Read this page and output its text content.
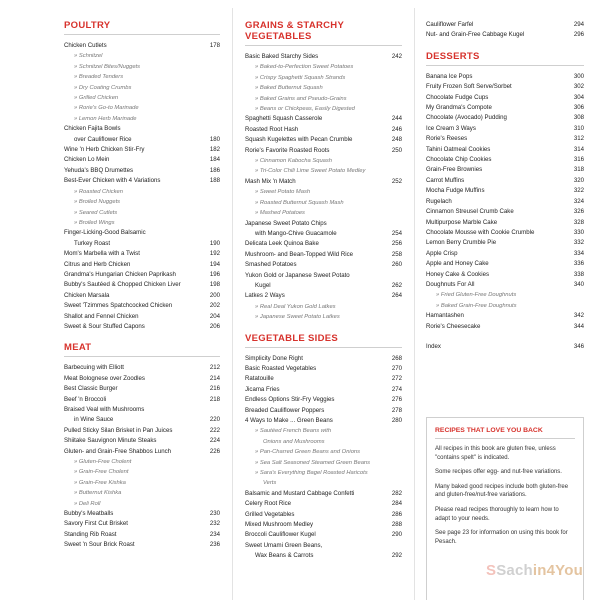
POULTRY
Chicken Cutlets	178
» Schnitzel
» Schnitzel Bites/Nuggets
» Breaded Tenders
» Dry Coating Crumbs
» Grilled Chicken
» Rorie's Go-to Marinade
» Lemon Herb Marinade
Chicken Fajita Bowls
over Cauliflower Rice	180
Wine 'n Herb Chicken Stir-Fry	182
Chicken Lo Mein	184
Yehuda's BBQ Drumettes	186
Best-Ever Chicken with 4 Variations	188
» Roasted Chicken
» Broiled Nuggets
» Seared Cutlets
» Broiled Wings
Finger-Licking-Good Balsamic
Turkey Roast	190
Mom's Marbella with a Twist	192
Citrus and Herb Chicken	194
Grandma's Hungarian Chicken Paprikash	196
Bubby's Sautéed & Chopped Chicken Liver	198
Chicken Marsala	200
Sweet 'Tzimmes Spatchcocked Chicken	202
Shallot and Fennel Chicken	204
Sweet & Sour Stuffed Capons	206
MEAT
Barbecuing with Elliott	212
Meat Bolognese over Zoodles	214
Best Classic Burger	216
Beef 'n Broccoli	218
Braised Veal with Mushrooms
in Wine Sauce	220
Pulled Sticky Silan Brisket in Pan Juices	222
Shiitake Sauvignon Minute Steaks	224
Gluten- and Grain-Free Shabbos Lunch	226
» Gluten-Free Cholent
» Grain-Free Cholent
» Grain-Free Kishka
» Butternut Kishka
» Deli Roll
Bubby's Meatballs	230
Savory First Cut Brisket	232
Standing Rib Roast	234
Sweet 'n Sour Brick Roast	236
GRAINS & STARCHY
VEGETABLES
Basic Baked Starchy Sides	242
» Baked-to-Perfection Sweet Potatoes
» Crispy Spaghetti Squash Strands
» Baked Butternut Squash
» Baked Grains and Pseudo-Grains
» Beans or Chickpeas, Easily Digested
Spaghetti Squash Casserole	244
Roasted Root Hash	246
Squash Kugelettes with Pecan Crumble	248
Rorie's Favorite Roasted Roots	250
» Cinnamon Kabocha Squash
» Tri-Color Chili Lime Sweet Potato Medley
Mash Mix 'n Match	252
» Sweet Potato Mash
» Roasted Butternut Squash Mash
» Mashed Potatoes
Japanese Sweet Potato Chips
with Mango-Chive Guacamole	254
Delicata Leek Quinoa Bake	256
Mushroom- and Bean-Topped Wild Rice	258
Smashed Potatoes	260
Yukon Gold or Japanese Sweet Potato
Kugel	262
Latkes 2 Ways	264
» Real Deal Yukon Gold Latkes
» Japanese Sweet Potato Latkes
VEGETABLE SIDES
Simplicity Done Right	268
Basic Roasted Vegetables	270
Ratatouille	272
Jicama Fries	274
Endless Options Stir-Fry Veggies	276
Breaded Cauliflower Poppers	278
4 Ways to Make ... Green Beans	280
» Sautéed French Beans with
Onions and Mushrooms
» Pan-Charred Green Beans and Onions
» Sea Salt Seasoned Steamed Green Beans
» Sara's Everything Bagel Roasted Haricots
Verts
Balsamic and Mustard Cabbage Confetti	282
Celery Root Rice	284
Grilled Vegetables	286
Mixed Mushroom Medley	288
Broccoli Cauliflower Kugel	290
Sweet Umami Green Beans,
Wax Beans & Carrots	292
Cauliflower Farfel	294
Nut- and Grain-Free Cabbage Kugel	296
DESSERTS
Banana Ice Pops	300
Fruity Frozen Soft Serve/Sorbet	302
Chocolate Fudge Cups	304
My Grandma's Compote	306
Chocolate (Avocado) Pudding	308
Ice Cream 3 Ways	310
Rorie's Reeses	312
Tahini Oatmeal Cookies	314
Chocolate Chip Cookies	316
Grain-Free Brownies	318
Carrot Muffins	320
Mocha Fudge Muffins	322
Rugelach	324
Cinnamon Streusel Crumb Cake	326
Multipurpose Marble Cake	328
Chocolate Mousse with Cookie Crumble	330
Lemon Berry Crumble Pie	332
Apple Crisp	334
Apple and Honey Cake	336
Honey Cake & Cookies	338
Doughnuts For All	340
» Fried Gluten-Free Doughnuts
» Baked Grain-Free Doughnuts
Hamantashen	342
Rorie's Cheesecake	344
Index	346
RECIPES THAT LOVE YOU BACK

All recipes in this book are gluten free, unless "contains spelt" is indicated.

Some recipes offer egg- and nut-free variations.

Many baked good recipes include both gluten-free and gluten-free/nut-free variations.

Please read recipes thoroughly to learn how to adapt to your needs.

See page 23 for information on using this book for Pesach.

SSachin4You
